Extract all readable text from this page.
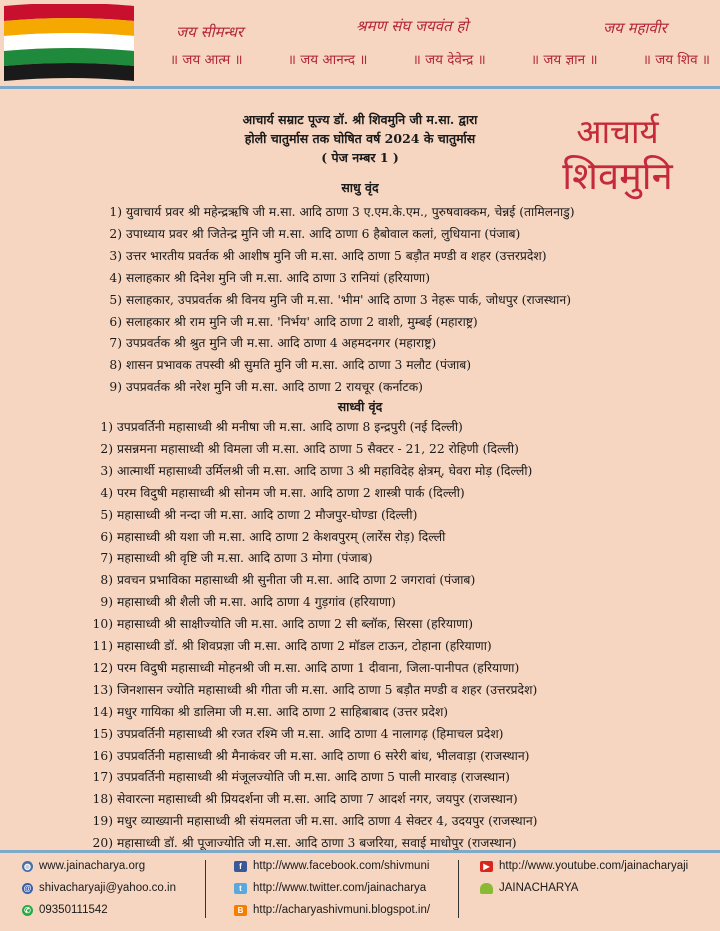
जय सीमन्धर	श्रमण संघ जयवंत हो	जय महावीर
॥ जय आत्म ॥	॥ जय आनन्द ॥	॥ जय देवेन्द्र ॥	॥ जय ज्ञान ॥	॥ जय शिव ॥
आचार्य सम्राट पूज्य डॉ. श्री शिवमुनि जी म.सा. द्वारा
होली चातुर्मास तक घोषित वर्ष 2024 के चातुर्मास
( पेज नम्बर 1 )
आचार्य
शिवमुनि
साधु वृंद
1) युवाचार्य प्रवर श्री महेन्द्रऋषि जी म.सा. आदि ठाणा 3 ए.एम.के.एम., पुरुषवाक्कम, चेन्नई (तामिलनाडु)
2) उपाध्याय प्रवर श्री जितेन्द्र मुनि जी म.सा. आदि ठाणा 6 हैबोवाल कलां, लुधियाना (पंजाब)
3) उत्तर भारतीय प्रवर्तक श्री आशीष मुनि जी म.सा. आदि ठाणा 5 बड़ौत मण्डी व शहर (उत्तरप्रदेश)
4) सलाहकार श्री दिनेश मुनि जी म.सा. आदि ठाणा 3 रानियां (हरियाणा)
5) सलाहकार, उपप्रवर्तक श्री विनय मुनि जी म.सा. 'भीम' आदि ठाणा 3 नेहरू पार्क, जोधपुर (राजस्थान)
6) सलाहकार श्री राम मुनि जी म.सा. 'निर्भय' आदि ठाणा 2 वाशी, मुम्बई (महाराष्ट्र)
7) उपप्रवर्तक श्री श्रुत मुनि जी म.सा. आदि ठाणा 4 अहमदनगर (महाराष्ट्र)
8) शासन प्रभावक तपस्वी श्री सुमति मुनि जी म.सा. आदि ठाणा 3 मलौट (पंजाब)
9) उपप्रवर्तक श्री नरेश मुनि जी म.सा. आदि ठाणा 2 रायचूर (कर्नाटक)
साध्वी वृंद
1) उपप्रवर्तिनी महासाध्वी श्री मनीषा जी म.सा. आदि ठाणा 8 इन्द्रपुरी (नई दिल्ली)
2) प्रसन्नमना महासाध्वी श्री विमला जी म.सा. आदि ठाणा 5 सैक्टर - 21, 22 रोहिणी (दिल्ली)
3) आत्मार्थी महासाध्वी उर्मिलश्री जी म.सा. आदि ठाणा 3 श्री महाविदेह क्षेत्रम्, घेवरा मोड़ (दिल्ली)
4) परम विदुषी महासाध्वी श्री सोनम जी म.सा. आदि ठाणा 2 शास्त्री पार्क (दिल्ली)
5) महासाध्वी श्री नन्दा जी म.सा. आदि ठाणा 2 मौजपुर-घोण्डा (दिल्ली)
6) महासाध्वी श्री यशा जी म.सा. आदि ठाणा 2 केशवपुरम् (लारेंस रोड़) दिल्ली
7) महासाध्वी श्री वृष्टि जी म.सा. आदि ठाणा 3 मोगा (पंजाब)
8) प्रवचन प्रभाविका महासाध्वी श्री सुनीता जी म.सा. आदि ठाणा 2 जगरावां (पंजाब)
9) महासाध्वी श्री शैली जी म.सा. आदि ठाणा 4 गुड़गांव (हरियाणा)
10) महासाध्वी श्री साक्षीज्योति जी म.सा. आदि ठाणा 2 सी ब्लॉक, सिरसा (हरियाणा)
11) महासाध्वी डॉ. श्री शिवप्रज्ञा जी म.सा. आदि ठाणा 2 मॉडल टाऊन, टोहाना (हरियाणा)
12) परम विदुषी महासाध्वी मोहनश्री जी म.सा. आदि ठाणा 1 दीवाना, जिला-पानीपत (हरियाणा)
13) जिनशासन ज्योति महासाध्वी श्री गीता जी म.सा. आदि ठाणा 5 बड़ौत मण्डी व शहर (उत्तरप्रदेश)
14) मधुर गायिका श्री डालिमा जी म.सा. आदि ठाणा 2 साहिबाबाद (उत्तर प्रदेश)
15) उपप्रवर्तिनी महासाध्वी श्री रजत रश्मि जी म.सा. आदि ठाणा 4 नालागढ़ (हिमाचल प्रदेश)
16) उपप्रवर्तिनी महासाध्वी श्री मैनाकंवर जी म.सा. आदि ठाणा 6 सरेरी बांध, भीलवाड़ा (राजस्थान)
17) उपप्रवर्तिनी महासाध्वी श्री मंजूलज्योति जी म.सा. आदि ठाणा 5 पाली मारवाड़ (राजस्थान)
18) सेवारत्ना महासाध्वी श्री प्रियदर्शना जी म.सा. आदि ठाणा 7 आदर्श नगर, जयपुर (राजस्थान)
19) मधुर व्याख्यानी महासाध्वी श्री संयमलता जी म.सा. आदि ठाणा 4 सेक्टर 4, उदयपुर (राजस्थान)
20) महासाध्वी डॉ. श्री पूजाज्योति जी म.सा. आदि ठाणा 3 बजरिया, सवाई माधोपुर (राजस्थान)
◍ www.jainacharya.org
@ shivacharyaji@yahoo.co.in
✆ 09350111542
f http://www.facebook.com/shivmuni
t http://www.twitter.com/jainacharya
B http://acharyashivmuni.blogspot.in/
▶ http://www.youtube.com/jainacharyaji
JAINACHARYA
